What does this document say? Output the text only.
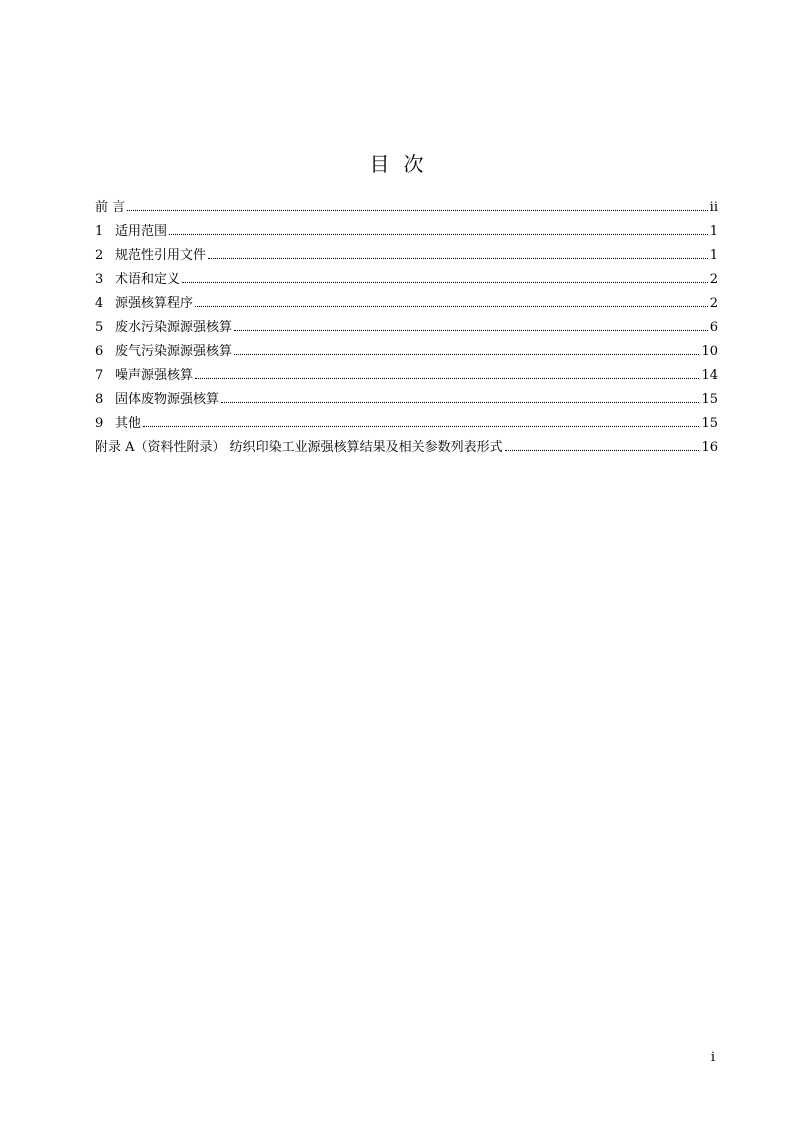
目次
前 言	ii
1 适用范围	1
2 规范性引用文件	1
3 术语和定义	2
4 源强核算程序	2
5 废水污染源源强核算	6
6 废气污染源源强核算	10
7 噪声源强核算	14
8 固体废物源强核算	15
9 其他	15
附录 A（资料性附录） 纺织印染工业源强核算结果及相关参数列表形式	16
i
